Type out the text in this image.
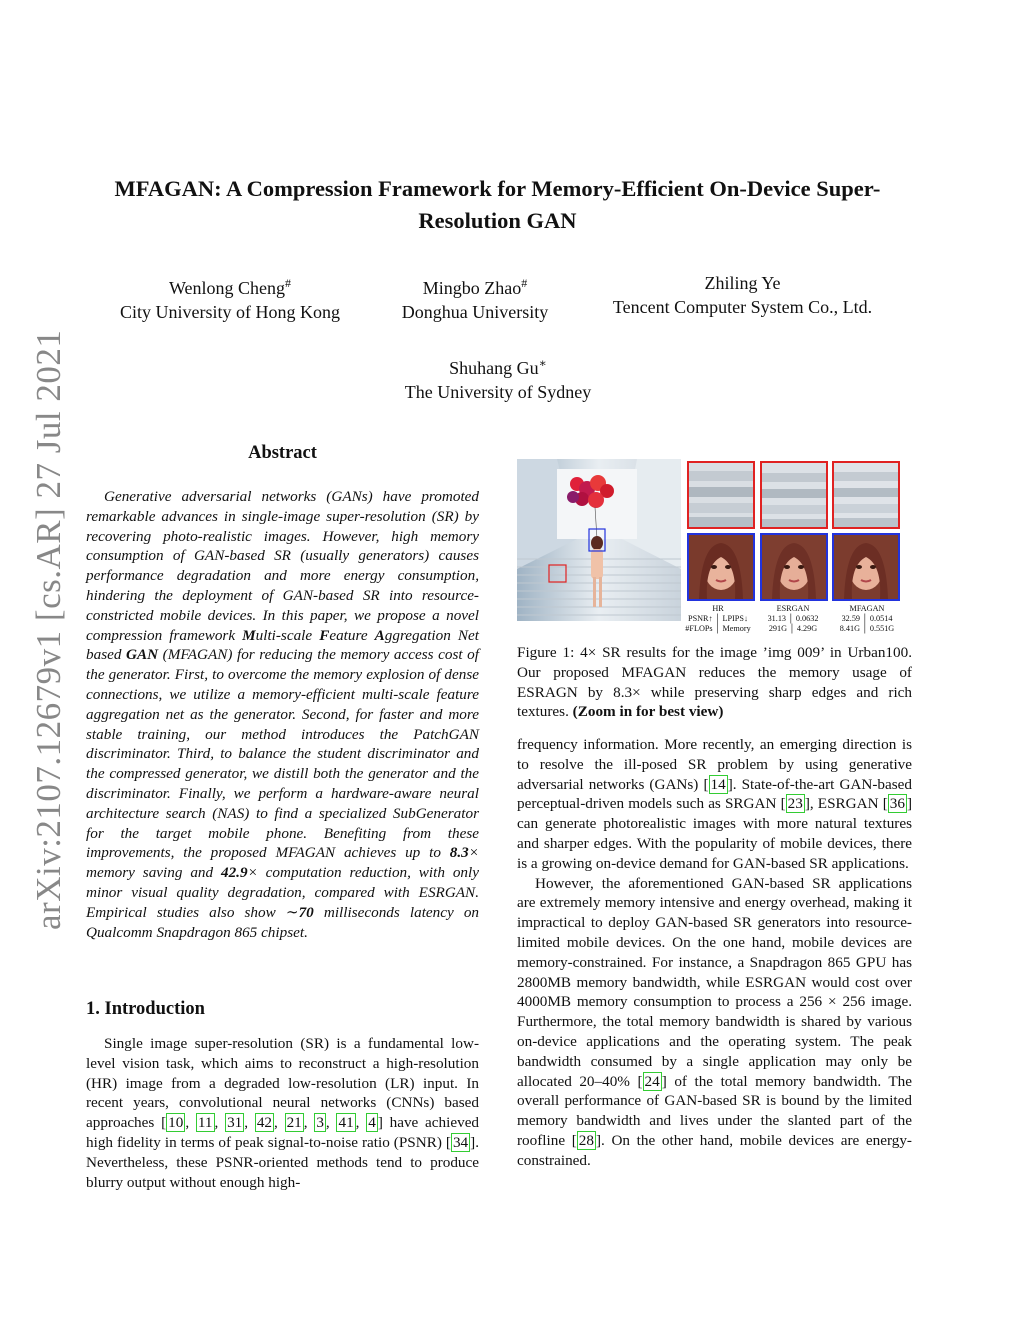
arXiv:2107.12679v1 [cs.AR] 27 Jul 2021
MFAGAN: A Compression Framework for Memory-Efficient On-Device Super-Resolution GAN
Wenlong Cheng#
City University of Hong Kong
Mingbo Zhao#
Donghua University
Zhiling Ye
Tencent Computer System Co., Ltd.
Shuhang Gu∗
The University of Sydney
Abstract
Generative adversarial networks (GANs) have promoted remarkable advances in single-image super-resolution (SR) by recovering photo-realistic images. However, high memory consumption of GAN-based SR (usually generators) causes performance degradation and more energy consumption, hindering the deployment of GAN-based SR into resource-constricted mobile devices. In this paper, we propose a novel compression framework Multi-scale Feature Aggregation Net based GAN (MFAGAN) for reducing the memory access cost of the generator. First, to overcome the memory explosion of dense connections, we utilize a memory-efficient multi-scale feature aggregation net as the generator. Second, for faster and more stable training, our method introduces the PatchGAN discriminator. Third, to balance the student discriminator and the compressed generator, we distill both the generator and the discriminator. Finally, we perform a hardware-aware neural architecture search (NAS) to find a specialized SubGenerator for the target mobile phone. Benefiting from these improvements, the proposed MFAGAN achieves up to 8.3× memory saving and 42.9× computation reduction, with only minor visual quality degradation, compared with ESRGAN. Empirical studies also show ∼70 milliseconds latency on Qualcomm Snapdragon 865 chipset.
1. Introduction

Single image super-resolution (SR) is a fundamental low-level vision task, which aims to reconstruct a high-resolution (HR) image from a degraded low-resolution (LR) input. In recent years, convolutional neural networks (CNNs) based approaches [ 10 , 11 , 31 , 42 , 21 , 3 , 41 , 4 ] have achieved high fidelity in terms of peak signal-to-noise ratio (PSNR) [ 34 ]. Nevertheless, these PSNR-oriented methods tend to produce blurry output without enough high-

HR
PSNR↑ │ LPIPS↓
#FLOPs │ Memory
ESRGAN
31.13 │ 0.0632
291G │ 4.29G
MFAGAN
32.59 │ 0.0514
8.41G │ 0.551G
Figure 1: 4× SR results for the image ’img 009’ in Urban100. Our proposed MFAGAN reduces the memory usage of ESRAGN by 8.3× while preserving sharp edges and rich textures. (Zoom in for best view)

frequency information. More recently, an emerging direction is to resolve the ill-posed SR problem by using generative adversarial networks (GANs) [ 14 ]. State-of-the-art GAN-based perceptual-driven models such as SRGAN [ 23 ], ESRGAN [ 36 ] can generate photorealistic images with more natural textures and sharper edges. With the popularity of mobile devices, there is a growing on-device demand for GAN-based SR applications.

However, the aforementioned GAN-based SR applications are extremely memory intensive and energy overhead, making it impractical to deploy GAN-based SR generators into resource-limited mobile devices. On the one hand, mobile devices are memory-constrained. For instance, a Snapdragon 865 GPU has 2800MB memory bandwidth, while ESRGAN would cost over 4000MB memory consumption to process a 256 × 256 image. Furthermore, the total memory bandwidth is shared by various on-device applications and the operating system. The peak bandwidth consumed by a single application may only be allocated 20–40% [ 24 ] of the total memory bandwidth. The overall performance of GAN-based SR is bound by the limited memory bandwidth and lives under the slanted part of the roofline [ 28 ]. On the other hand, mobile devices are energy-constrained.
